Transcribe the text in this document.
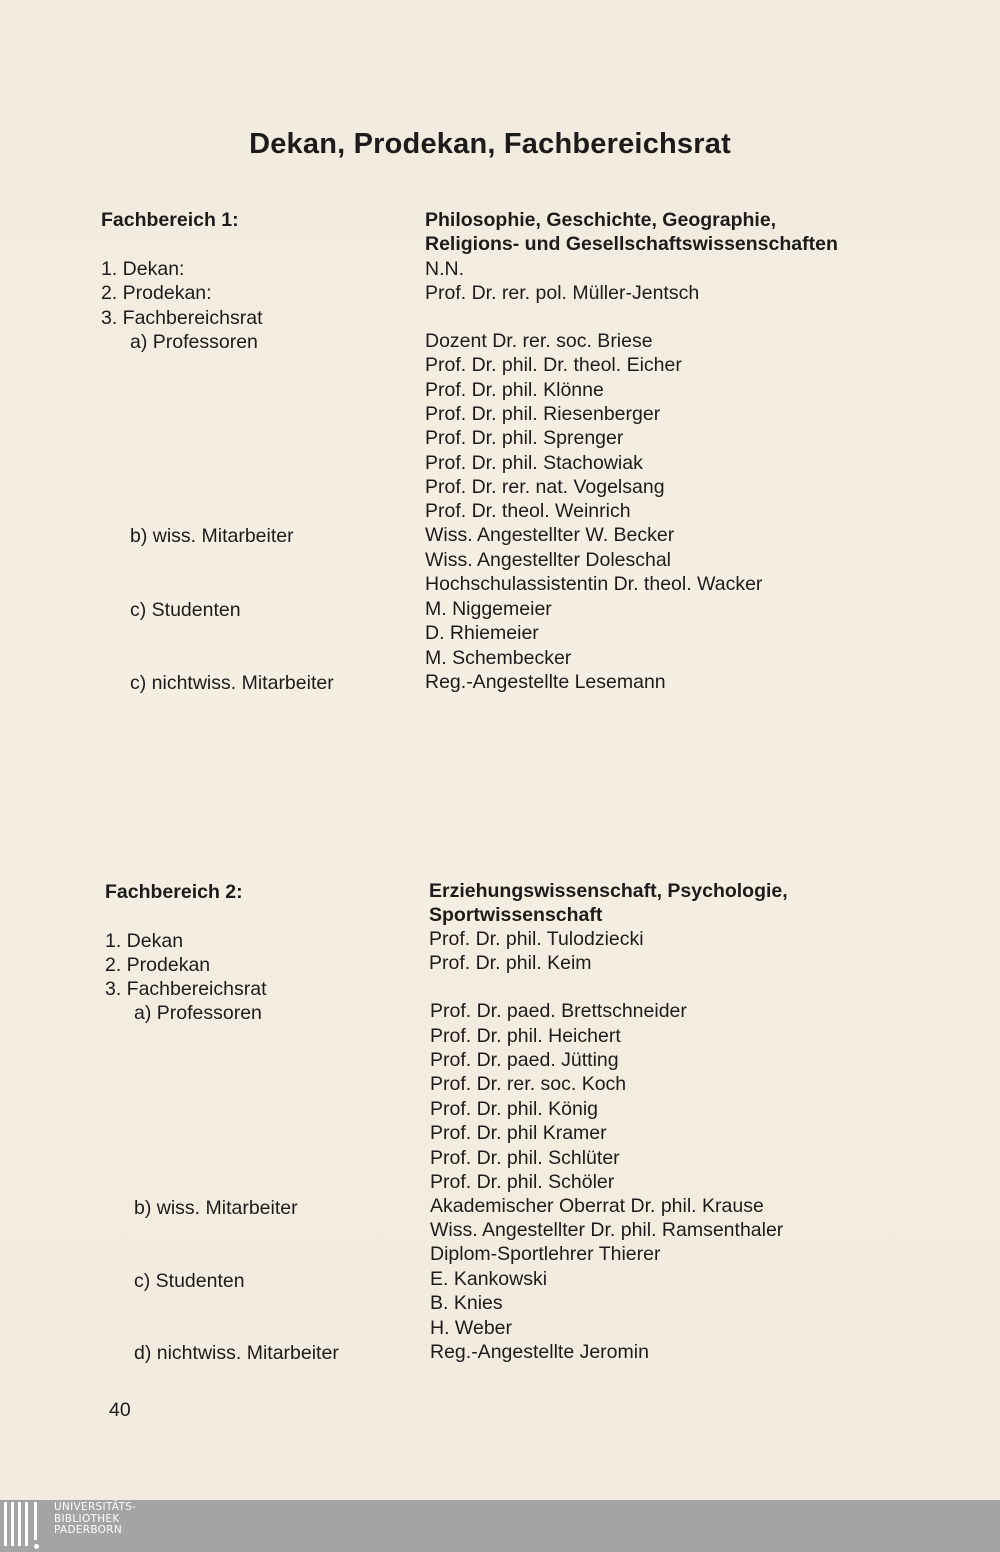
Dekan, Prodekan, Fachbereichsrat
Fachbereich 1:	Philosophie, Geschichte, Geographie,
Religions- und Gesellschaftswissenschaften
1. Dekan:
2. Prodekan:
3. Fachbereichsrat
a) Professoren
b) wiss. Mitarbeiter
c) Studenten
c) nichtwiss. Mitarbeiter
N.N.
Prof. Dr. rer. pol. Müller-Jentsch
Dozent Dr. rer. soc. Briese
Prof. Dr. phil. Dr. theol. Eicher
Prof. Dr. phil. Klönne
Prof. Dr. phil. Riesenberger
Prof. Dr. phil. Sprenger
Prof. Dr. phil. Stachowiak
Prof. Dr. rer. nat. Vogelsang
Prof. Dr. theol. Weinrich
Wiss. Angestellter W. Becker
Wiss. Angestellter Doleschal
Hochschulassistentin Dr. theol. Wacker
M. Niggemeier
D. Rhiemeier
M. Schembecker
Reg.-Angestellte Lesemann
Fachbereich 2:	Erziehungswissenschaft, Psychologie,
Sportwissenschaft
1. Dekan
2. Prodekan
3. Fachbereichsrat
a) Professoren
b) wiss. Mitarbeiter
c) Studenten
d) nichtwiss. Mitarbeiter
Prof. Dr. phil. Tulodziecki
Prof. Dr. phil. Keim
Prof. Dr. paed. Brettschneider
Prof. Dr. phil. Heichert
Prof. Dr. paed. Jütting
Prof. Dr. rer. soc. Koch
Prof. Dr. phil. König
Prof. Dr. phil Kramer
Prof. Dr. phil. Schlüter
Prof. Dr. phil. Schöler
Akademischer Oberrat Dr. phil. Krause
Wiss. Angestellter Dr. phil. Ramsenthaler
Diplom-Sportlehrer Thierer
E. Kankowski
B. Knies
H. Weber
Reg.-Angestellte Jeromin
40
UNIVERSITÄTS-
BIBLIOTHEK
PADERBORN
